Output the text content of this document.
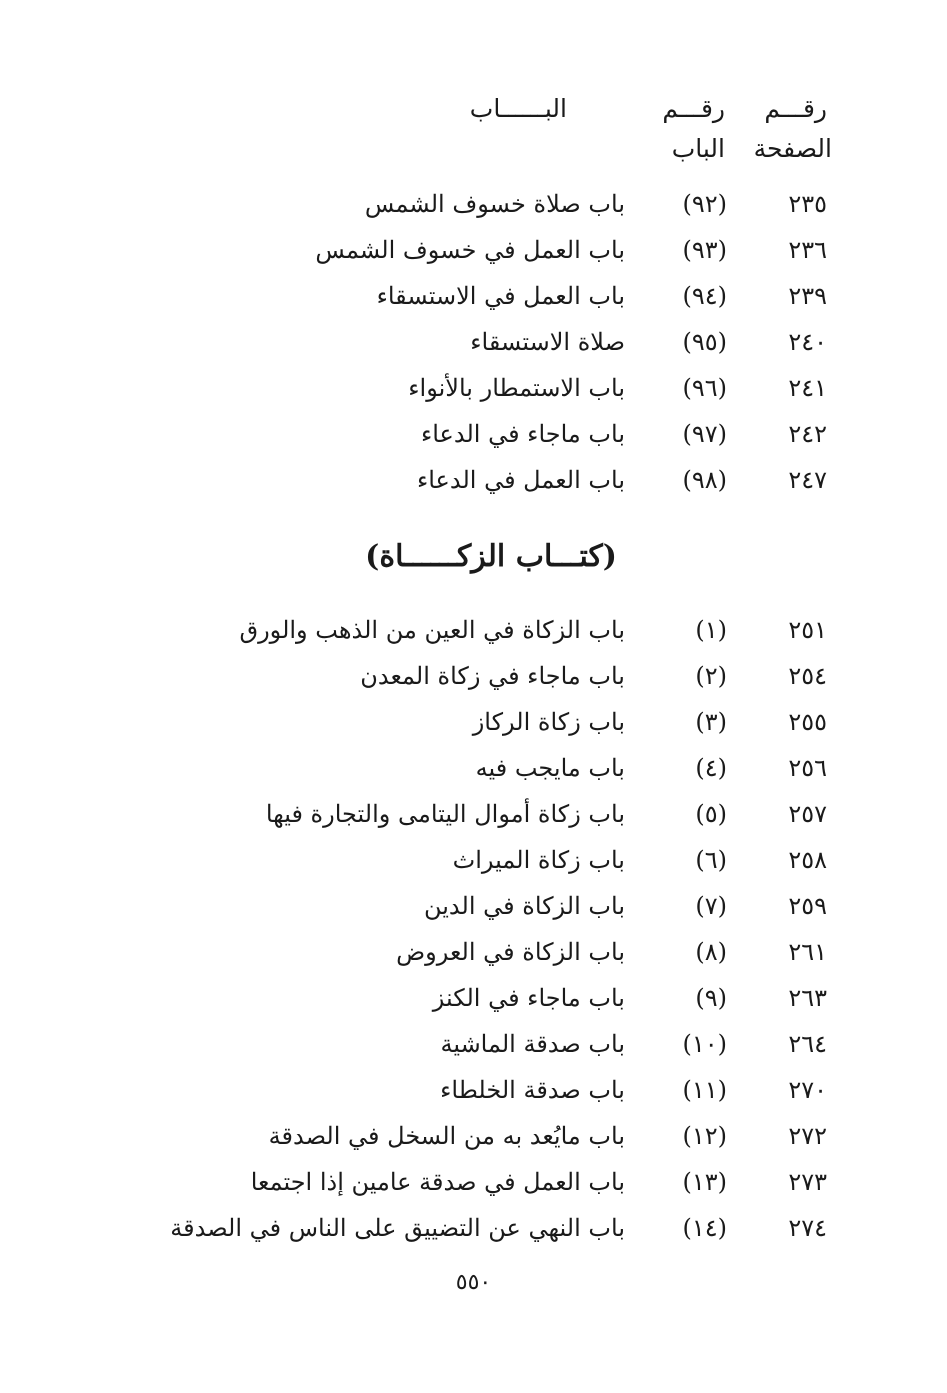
رقـــم
الصفحة
رقـــم
الباب
البــــــاب
٢٣٥
(٩٢)
باب صلاة خسوف الشمس
٢٣٦
(٩٣)
باب العمل في خسوف الشمس
٢٣٩
(٩٤)
باب العمل في الاستسقاء
٢٤٠
(٩٥)
صلاة الاستسقاء
٢٤١
(٩٦)
باب الاستمطار بالأنواء
٢٤٢
(٩٧)
باب ماجاء في الدعاء
٢٤٧
(٩٨)
باب العمل في الدعاء
(كتـــاب الزكــــــاة)
٢٥١
(١)
باب الزكاة في العين من الذهب والورق
٢٥٤
(٢)
باب ماجاء في زكاة المعدن
٢٥٥
(٣)
باب زكاة الركاز
٢٥٦
(٤)
باب مايجب فيه
٢٥٧
(٥)
باب زكاة أموال اليتامى والتجارة فيها
٢٥٨
(٦)
باب زكاة الميراث
٢٥٩
(٧)
باب الزكاة في الدين
٢٦١
(٨)
باب الزكاة في العروض
٢٦٣
(٩)
باب ماجاء في الكنز
٢٦٤
(١٠)
باب صدقة الماشية
٢٧٠
(١١)
باب صدقة الخلطاء
٢٧٢
(١٢)
باب مايُعد به من السخل في الصدقة
٢٧٣
(١٣)
باب العمل في صدقة عامين إذا اجتمعا
٢٧٤
(١٤)
باب النهي عن التضييق على الناس في الصدقة
٥٥٠
